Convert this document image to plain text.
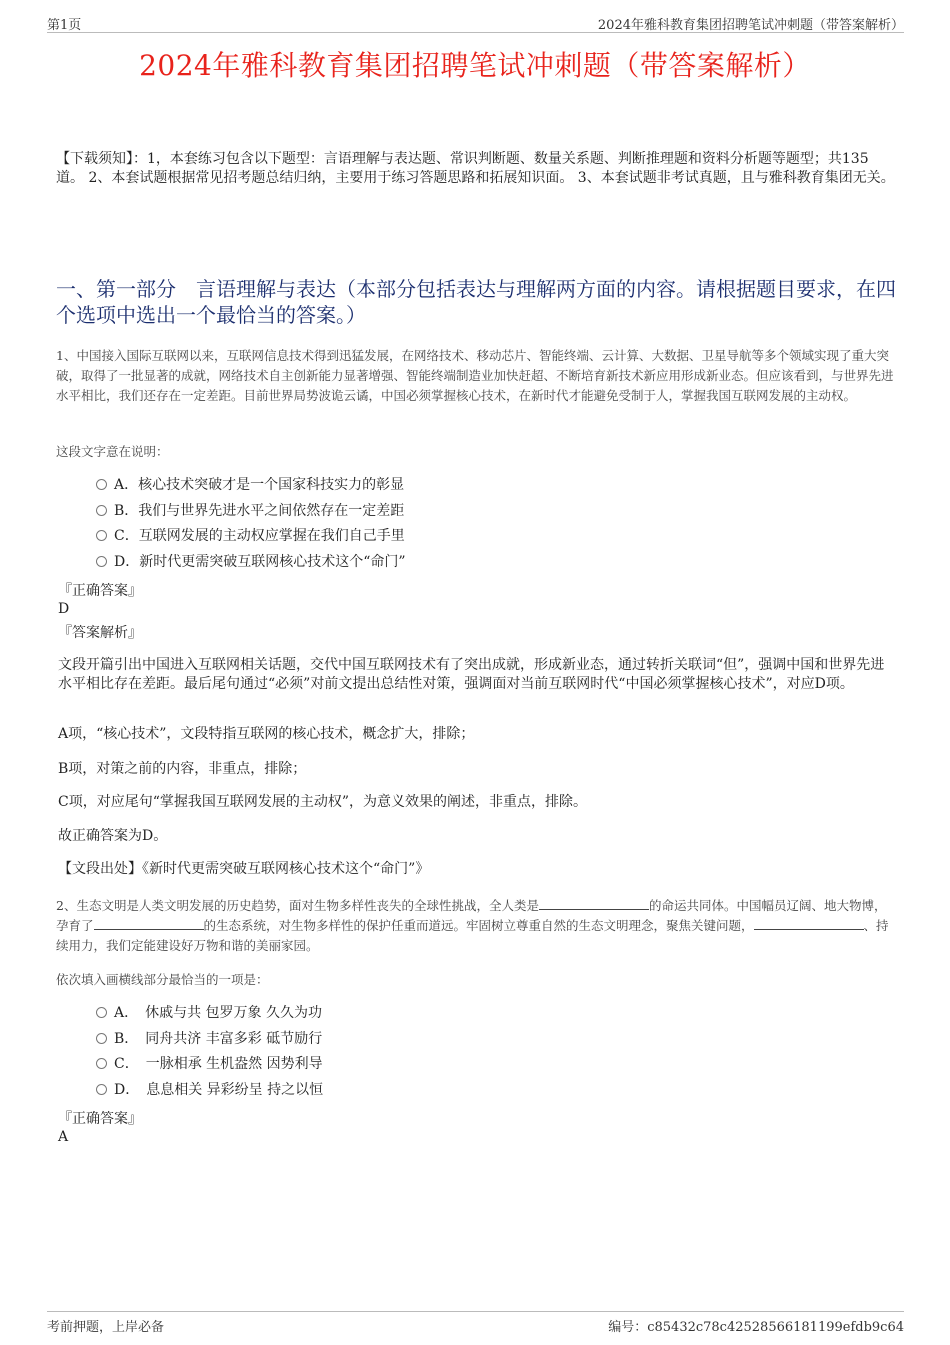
第1页	2024年雅科教育集团招聘笔试冲刺题（带答案解析）
2024年雅科教育集团招聘笔试冲刺题（带答案解析）
【下载须知】：1，本套练习包含以下题型：言语理解与表达题、常识判断题、数量关系题、判断推理题和资料分析题等题型；共135道。 2、本套试题根据常见招考题总结归纳，主要用于练习答题思路和拓展知识面。 3、本套试题非考试真题，且与雅科教育集团无关。
一、第一部分　言语理解与表达（本部分包括表达与理解两方面的内容。请根据题目要求，在四个选项中选出一个最恰当的答案。）
1、中国接入国际互联网以来，互联网信息技术得到迅猛发展，在网络技术、移动芯片、智能终端、云计算、大数据、卫星导航等多个领域实现了重大突破，取得了一批显著的成就，网络技术自主创新能力显著增强、智能终端制造业加快赶超、不断培育新技术新应用形成新业态。但应该看到，与世界先进水平相比，我们还存在一定差距。目前世界局势波诡云谲，中国必须掌握核心技术，在新时代才能避免受制于人，掌握我国互联网发展的主动权。
这段文字意在说明：
A．核心技术突破才是一个国家科技实力的彰显
B．我们与世界先进水平之间依然存在一定差距
C．互联网发展的主动权应掌握在我们自己手里
D．新时代更需突破互联网核心技术这个“命门”
『正确答案』
D
『答案解析』
文段开篇引出中国进入互联网相关话题，交代中国互联网技术有了突出成就，形成新业态，通过转折关联词“但”，强调中国和世界先进水平相比存在差距。最后尾句通过“必须”对前文提出总结性对策，强调面对当前互联网时代“中国必须掌握核心技术”，对应D项。
A项，“核心技术”，文段特指互联网的核心技术，概念扩大，排除；
B项，对策之前的内容，非重点，排除；
C项，对应尾句“掌握我国互联网发展的主动权”，为意义效果的阐述，非重点，排除。
故正确答案为D。
【文段出处】《新时代更需突破互联网核心技术这个“命门”》
2、生态文明是人类文明发展的历史趋势，面对生物多样性丧失的全球性挑战，全人类是	的命运共同体。中国幅员辽阔、地大物博，孕育了	的生态系统，对生物多样性的保护任重而道远。牢固树立尊重自然的生态文明理念，聚焦关键问题，	、持续用力，我们定能建设好万物和谐的美丽家园。
依次填入画横线部分最恰当的一项是：
A．　休戚与共 包罗万象 久久为功
B．　同舟共济 丰富多彩 砥节励行
C．　一脉相承 生机盎然 因势利导
D．　息息相关 异彩纷呈 持之以恒
『正确答案』
A
考前押题，上岸必备	编号：c85432c78c42528566181199efdb9c64
